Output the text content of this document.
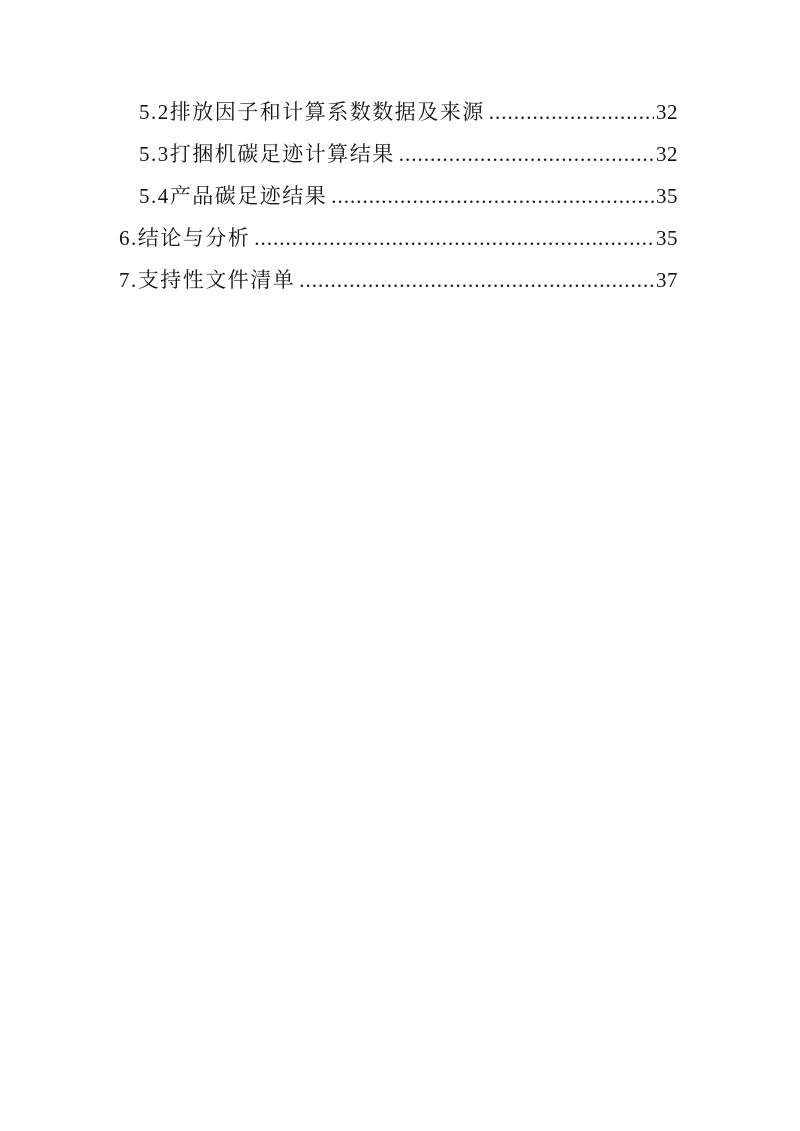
5.2排放因子和计算系数数据及来源 .....	32
5.3打捆机碳足迹计算结果 .....	32
5.4产品碳足迹结果 .....	35
6.结论与分析 .....	35
7.支持性文件清单 .....	37
